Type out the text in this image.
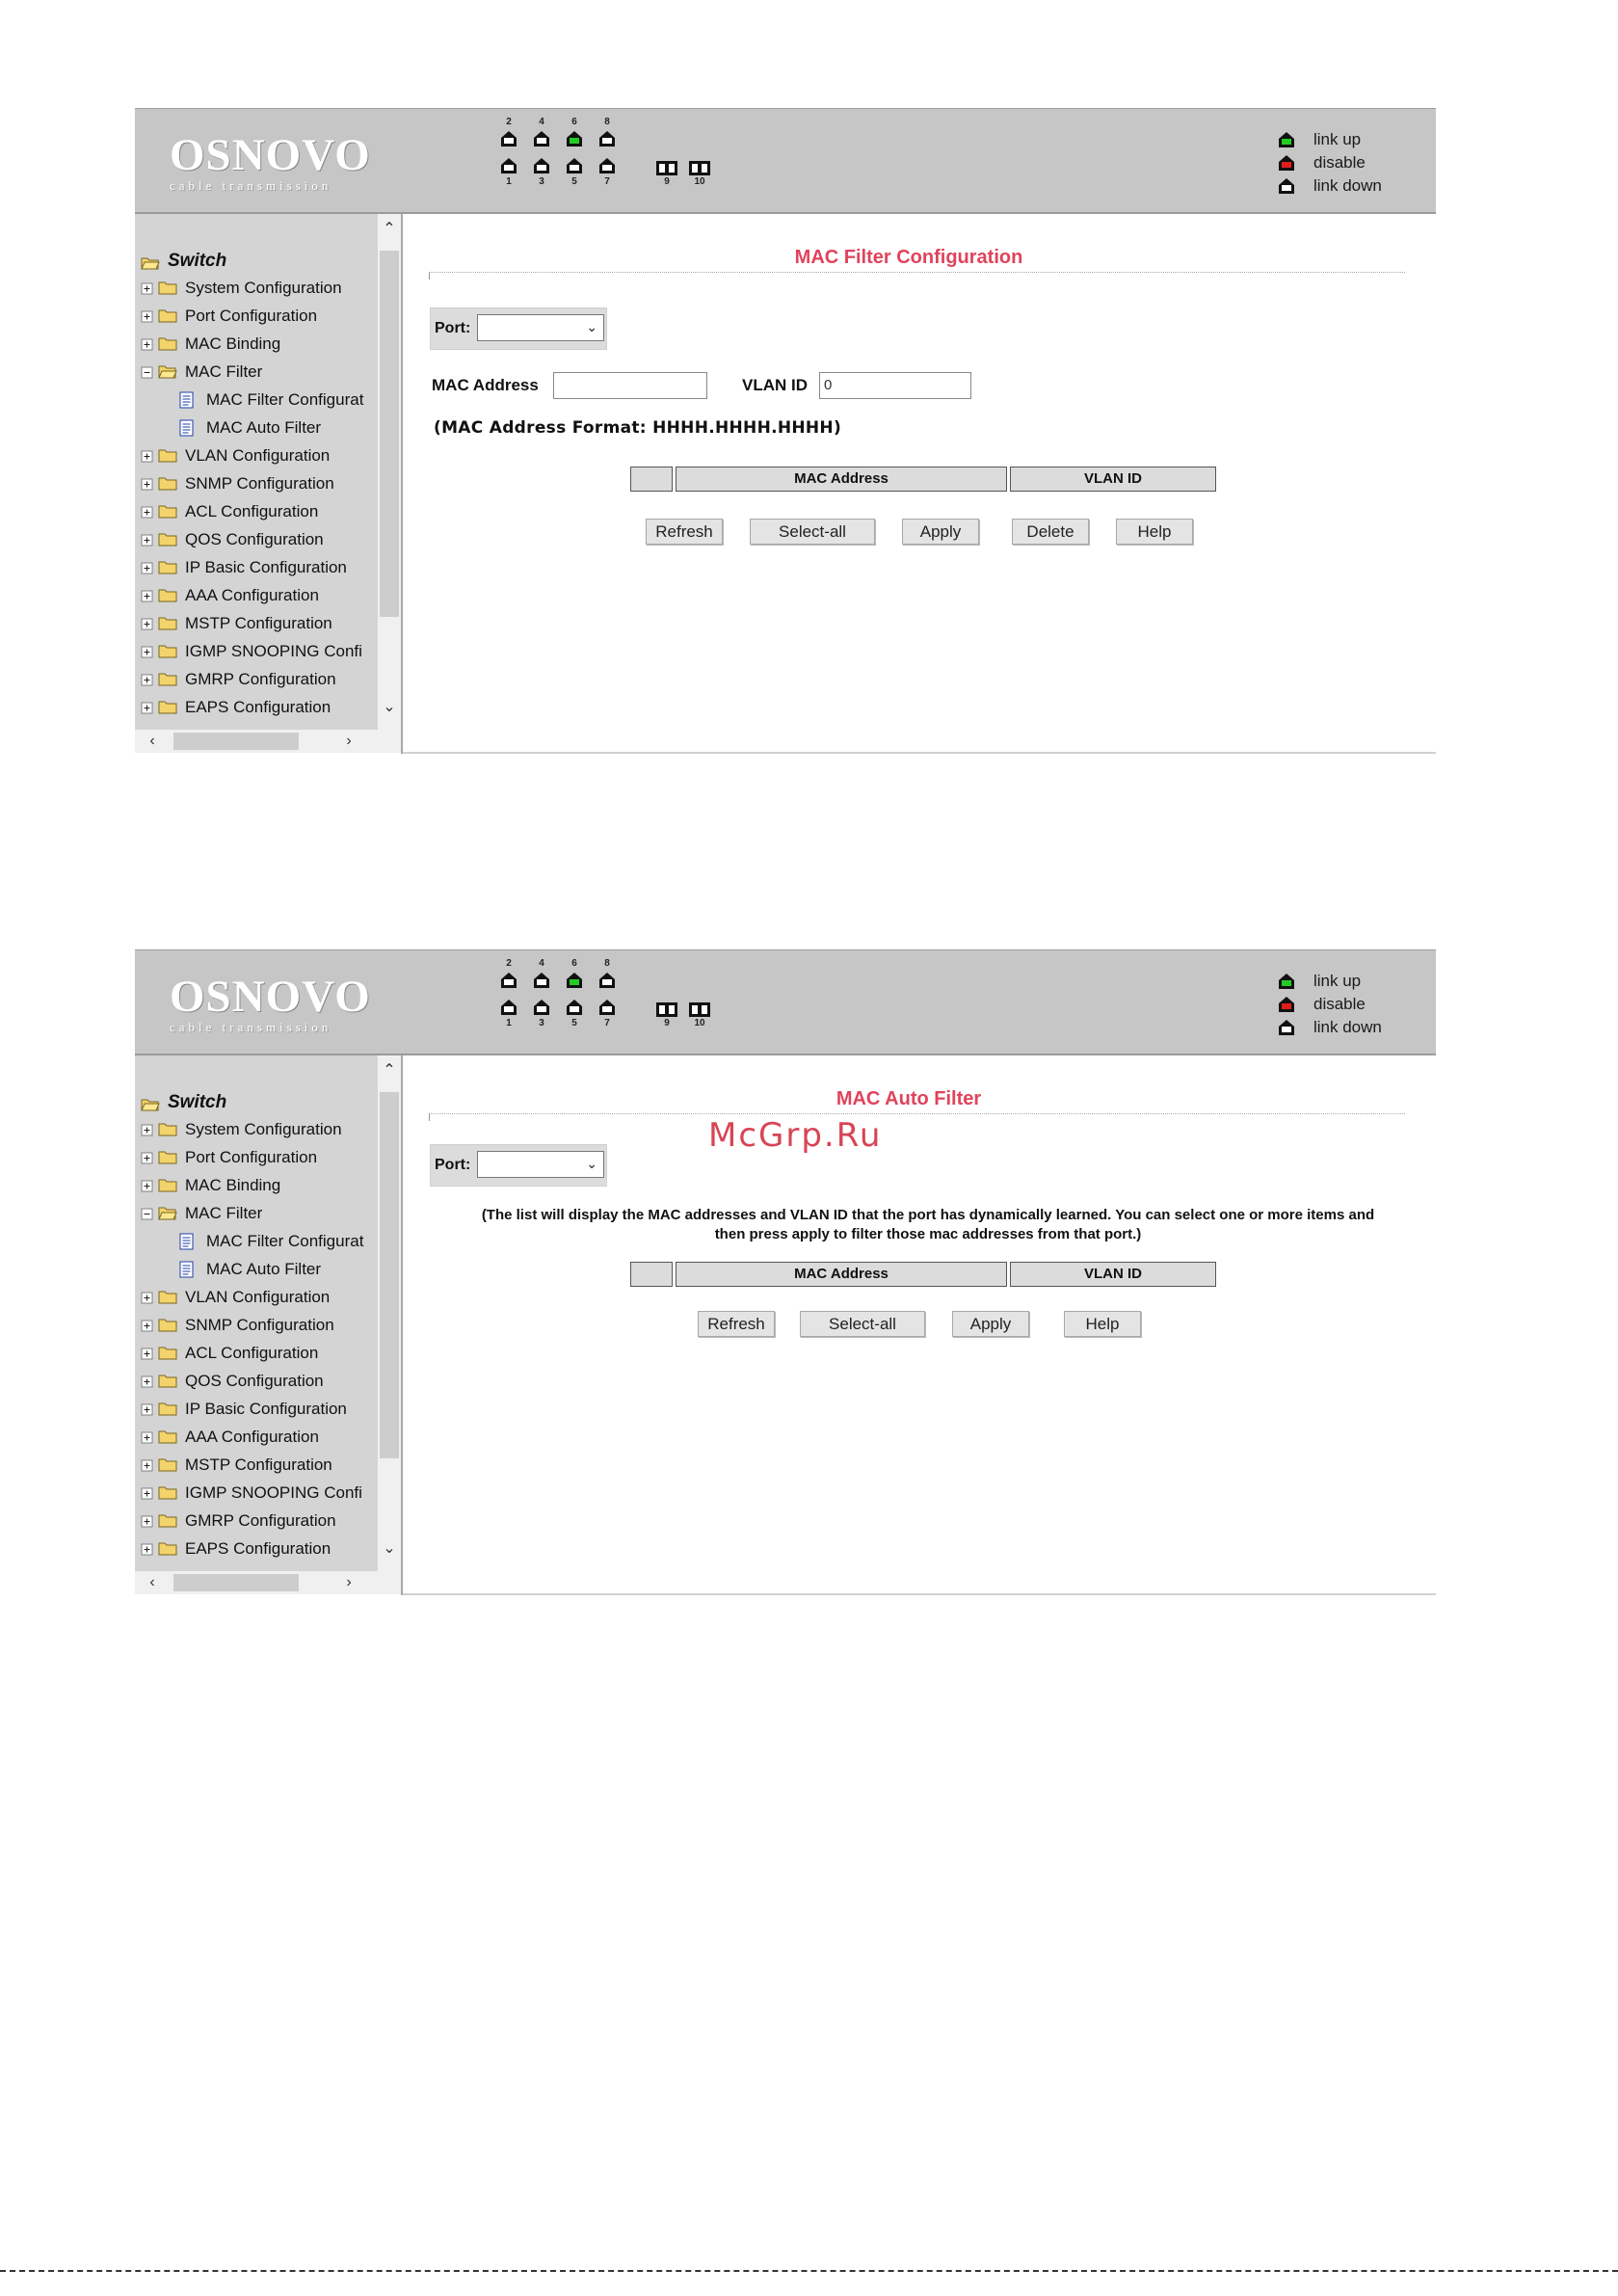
OSNOVO
cable transmission
2	4	6	8
1	3	5	7	9	10
link up
disable
link down
Switch
System Configuration
Port Configuration
MAC Binding
MAC Filter
MAC Filter Configurat
MAC Auto Filter
VLAN Configuration
SNMP Configuration
ACL Configuration
QOS Configuration
IP Basic Configuration
AAA Configuration
MSTP Configuration
IGMP SNOOPING Confi
GMRP Configuration
EAPS Configuration
⌃
⌄
‹	›
MAC Filter Configuration
Port:	⌄
MAC Address	VLAN ID	0
(MAC Address Format: HHHH.HHHH.HHHH)
MAC Address	VLAN ID
Refresh	Select-all	Apply	Delete	Help
OSNOVO
cable transmission
2	4	6	8
1	3	5	7	9	10
link up
disable
link down
Switch
System Configuration
Port Configuration
MAC Binding
MAC Filter
MAC Filter Configurat
MAC Auto Filter
VLAN Configuration
SNMP Configuration
ACL Configuration
QOS Configuration
IP Basic Configuration
AAA Configuration
MSTP Configuration
IGMP SNOOPING Confi
GMRP Configuration
EAPS Configuration
⌃
⌄
‹	›
MAC Auto Filter
Port:	⌄
(The list will display the MAC addresses and VLAN ID that the port has dynamically learned. You can select one or more items and
then press apply to filter those mac addresses from that port.)
MAC Address	VLAN ID
Refresh	Select-all	Apply	Help
McGrp.Ru
